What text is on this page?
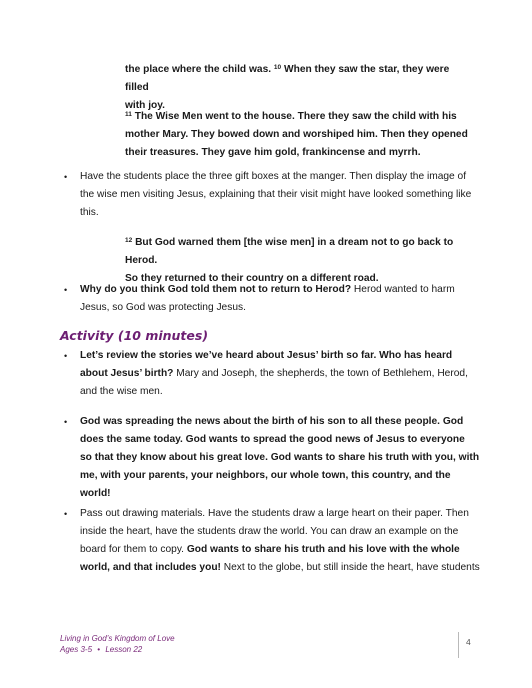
the place where the child was. $^{10}$ When they saw the star, they were filled
with joy.
$^{11}$ The Wise Men went to the house. There they saw the child with his
mother Mary. They bowed down and worshiped him. Then they opened
their treasures. They gave him gold, frankincense and myrrh.
•	Have the students place the three gift boxes at the manger. Then display the image of
the wise men visiting Jesus, explaining that their visit might have looked something like
this.
$^{12}$ But God warned them [the wise men] in a dream not to go back to Herod.
So they returned to their country on a different road.
•	Why do you think God told them not to return to Herod? Herod wanted to harm
Jesus, so God was protecting Jesus.
Activity (10 minutes)
•	Let’s review the stories we’ve heard about Jesus’ birth so far. Who has heard
about Jesus’ birth? Mary and Joseph, the shepherds, the town of Bethlehem, Herod,
and the wise men.
•	God was spreading the news about the birth of his son to all these people. God
does the same today. God wants to spread the good news of Jesus to everyone
so that they know about his great love. God wants to share his truth with you, with
me, with your parents, your neighbors, our whole town, this country, and the
world!
•	Pass out drawing materials. Have the students draw a large heart on their paper. Then
inside the heart, have the students draw the world. You can draw an example on the
board for them to copy. God wants to share his truth and his love with the whole
world, and that includes you! Next to the globe, but still inside the heart, have students
Living in God’s Kingdom of Love
Ages 3-5 • Lesson 22
4
